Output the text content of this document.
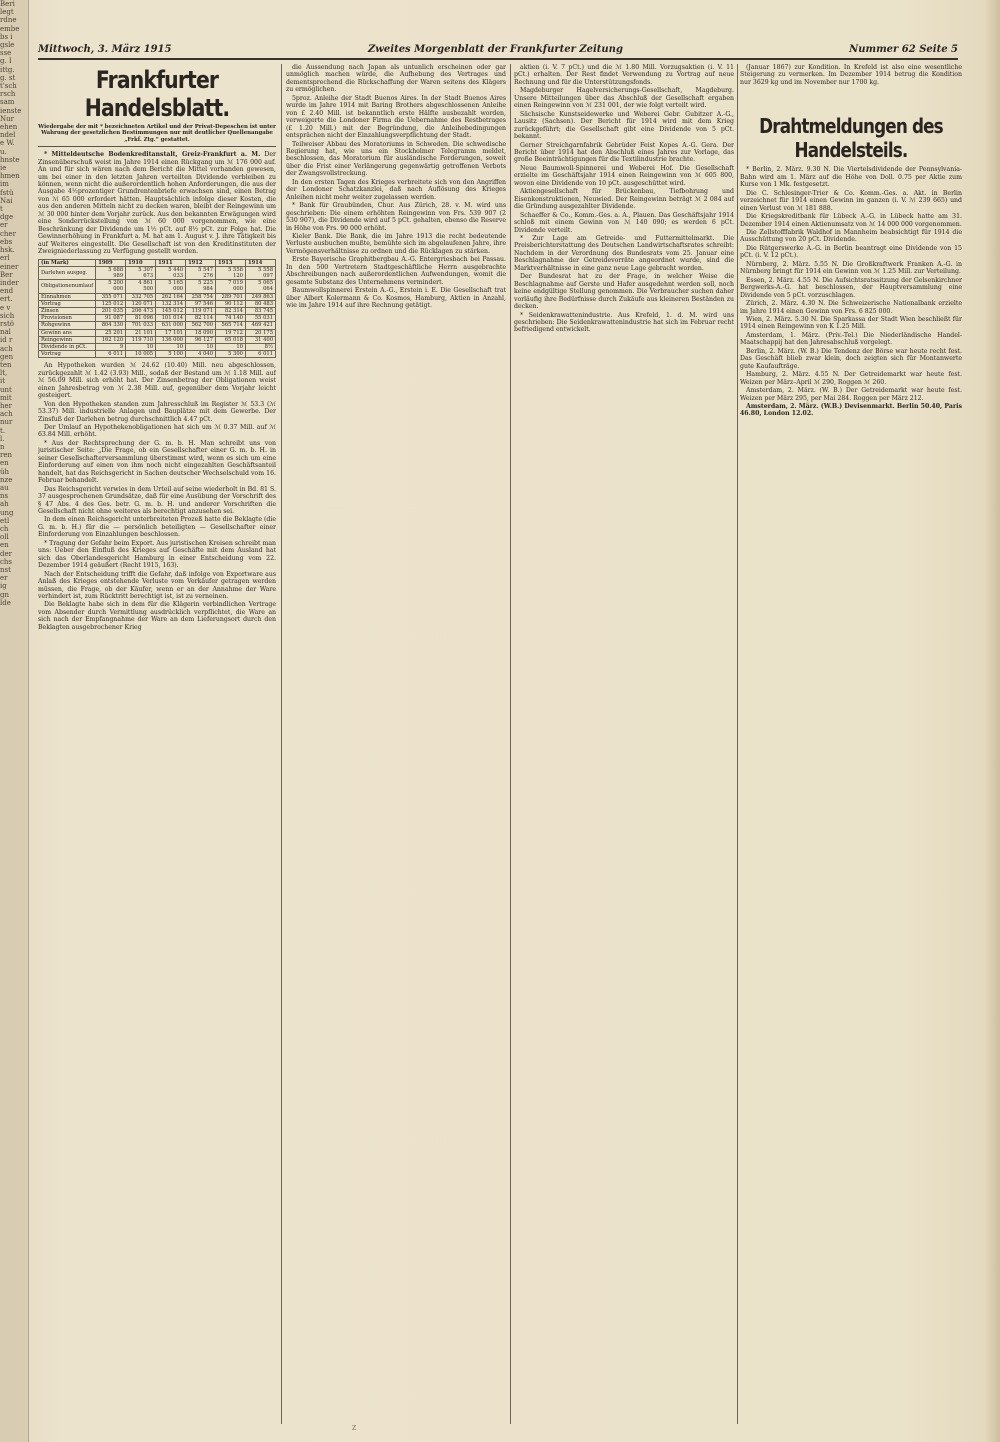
Beri
legt
rdne
embe
bs i
gsle
sse
g. I
ittg.
g. st
t'sch
rsch
sam
ienste
Nur
ehen
ndel
e W.
u.
hnste
ie
hmen
im
fstü
Nai
t
dge
er
cher
ebs
hsk.
erl
einer
Ber
inder
end
ert.
e v
sich
rstö
nal
id r
ach
gen
ten
lt,
it
unt
mit
her
ach
nur
t.
l.
n
ren
en
üh
nze
au
ns
ah
ung
etl
ch
oll
en
der
chs
nst
er
ig
gn
lde
Mittwoch, 3. März 1915	Zweites Morgenblatt der Frankfurter Zeitung	Nummer 62 Seite 5
Frankfurter Handelsblatt.
Wiedergabe der mit * bezeichneten Artikel und der Privat-Depeschen ist unter Wahrung der gesetzlichen Bestimmungen nur mit deutlicher Quellenangabe „Frkf. Ztg.“ gestattet.

* Mitteldeutsche Bodenkreditanstalt, Greiz-Frankfurt a. M. Der Zinsenüberschuß weist im Jahre 1914 einen Rückgang um ℳ 176 000 auf. An und für sich wären nach dem Bericht die Mittel vorhanden gewesen, um bei einer in den letzten Jahren verteilten Dividende verbleiben zu können, wenn nicht die außerordentlich hohen Anforderungen, die aus der Ausgabe 4½prozentiger Grundrentenbriefe erwachsen sind, einen Betrag von ℳ 65 000 erfordert hätten. Hauptsächlich infolge dieser Kosten, die aus den anderen Mitteln nicht zu decken waren, bleibt der Reingewinn um ℳ 30 000 hinter dem Vorjahr zurück. Aus den bekannten Erwägungen wird eine Sonderrückstellung von ℳ 60 000 vorgenommen, wie eine Beschränkung der Dividende um 1½ pCt. auf 8½ pCt. zur Folge hat. Die Gewinnerhöhung in Frankfurt a. M. hat am 1. August v. J. ihre Tätigkeit bis auf Weiteres eingestellt. Die Gesellschaft ist von den Kreditinstituten der Zweigniederlassung zu Verfügung gestellt worden.

(in Mark)	1909	1910	1911	1912	1913	1914
Darlehen ausgeg.	5 688 989	5 307 673	5 440 033	5 547 276	5 558 120	5 558 097
Obligationenumlauf	5 200 000	4 861 500	5 165 000	5 225 984	7 019 000	5 065 064
Einnahmen	355 071	332 705	262 164	258 754	289 701	249 863
Vortrag	125 012	120 071	132 314	97 546	90 112	80 483
Zinsen	201 035	206 473	145 012	119 071	82 314	83 745
Provisionen	91 087	81 096	101 014	82 114	74 140	55 031
Rohgewinn	804 330	701 033	631 000	562 700	565 714	469 421
Gewinn ans	25 201	21 101	17 101	18 090	19 712	20 175
Reingewinn	162 120	119 710	136 000	96 127	65 018	31 400
Dividende in pCt.	9	10	10	10	10	8½
Vortrag	6 011	10 005	5 100	4 040	5 300	6 011

An Hypotheken wurden ℳ 24.62 (10.40) Mill. neu abgeschlossen, zurückgezahlt ℳ 1.42 (3.93) Mill., sodaß der Bestand um ℳ 1.18 Mill. auf ℳ 56.09 Mill. sich erhöht hat. Der Zinsenbetrag der Obligationen weist einen Jahresbetrag von ℳ 2.38 Mill. auf, gegenüber dem Vorjahr leicht gesteigert.

Von den Hypotheken standen zum Jahresschluß im Register ℳ 53.3 (ℳ 53.37) Mill. industrielle Anlagen und Bauplätze mit dem Gewerbe. Der Zinsfuß der Darlehen betrug durchschnittlich 4.47 pCt.

Der Umlauf an Hypothekenobligationen hat sich um ℳ 0.37 Mill. auf ℳ 63.84 Mill. erhöht.

* Aus der Rechtsprechung der G. m. b. H. Man schreibt uns von juristischer Seite: „Die Frage, ob ein Gesellschafter einer G. m. b. H. in seiner Gesellschafterversammlung überstimmt wird, wenn es sich um eine Einforderung auf einen von ihm noch nicht eingezahlten Geschäftsanteil handelt, hat das Reichsgericht in Sachen deutscher Wechselschuld vom 16. Februar behandelt.

Das Reichsgericht verwies in dem Urteil auf seine wiederholt in Bd. 81 S. 37 ausgesprochenen Grundsätze, daß für eine Ausübung der Vorschrift des § 47 Abs. 4 des Ges. betr. G. m. b. H. und anderer Vorschriften die Gesellschaft nicht ohne weiteres als berechtigt anzusehen sei.

In dem einen Reichsgericht unterbreiteten Prozeß hatte die Beklagte (die G. m. b. H.) für die — persönlich beteiligten — Gesellschafter einer Einforderung von Einzahlungen beschlossen.

* Tragung der Gefahr beim Export. Aus juristischen Kreisen schreibt man uns: Ueber den Einfluß des Krieges auf Geschäfte mit dem Ausland hat sich das Oberlandesgericht Hamburg in einer Entscheidung vom 22. Dezember 1914 geäußert (Recht 1915, 163).

Nach der Entscheidung trifft die Gefahr, daß infolge von Exportware aus Anlaß des Krieges entstehende Verluste vom Verkäufer getragen werden müssen, die Frage, ob der Käufer, wenn er an der Annahme der Ware verhindert ist, zum Rücktritt berechtigt ist, ist zu verneinen.

Die Beklagte habe sich in dem für die Klägerin verbindlichen Vertrage vom Absender durch Vermittlung ausdrücklich verpflichtet, die Ware an sich nach der Empfangnahme der Ware an dem Lieferungsort durch den Beklagten ausgebrochener Krieg

die Aussendung nach Japan als untunlich erscheinen oder gar unmöglich machen würde, die Aufhebung des Vertrages und dementsprechend die Rückschaffung der Waren seitens des Klägers zu ermöglichen.

5proz. Anleihe der Stadt Buenos Aires. In der Stadt Buenos Aires wurde im Jahre 1914 mit Baring Brothers abgeschlossenen Anleihe von £ 2.40 Mill. ist bekanntlich erste Hälfte ausbezahlt worden, verweigerte die Londoner Firma die Uebernahme des Restbetrages (£ 1.20 Mill.) mit der Begründung, die Anleihebedingungen entsprächen nicht der Einzahlungsverpflichtung der Stadt.

Teilweiser Abbau des Moratoriums in Schweden. Die schwedische Regierung hat, wie uns ein Stockholmer Telegramm meldet, beschlossen, das Moratorium für ausländische Forderungen, soweit über die Frist einer Verlängerung gegenwärtig getroffenen Verbots der Zwangsvollstreckung.

In den ersten Tagen des Krieges verbreitete sich von den Angriffen der Londoner Schatzkanzlei, daß nach Auflösung des Krieges Anleihen nicht mehr weiter zugelassen werden.

* Bank für Graubünden, Chur. Aus Zürich, 28. v. M. wird uns geschrieben: Die einem erhöhten Reingewinn von Frs. 539 907 (2 530 907), die Dividende wird auf 5 pCt. gehalten, ebenso die Reserve in Höhe von Frs. 90 000 erhöht.

Kieler Bank. Die Bank, die im Jahre 1913 die recht bedeutende Verluste ausbuchen mußte, bemühte sich im abgelaufenen Jahre, ihre Vermögensverhältnisse zu ordnen und die Rücklagen zu stärken.

Erste Bayerische Graphitbergbau A.-G. Entergriesbach bei Passau. In den 500 Vertretern Stadtgeschäftliche Herrn ausgebrachte Abschreibungen nach außerordentlichen Aufwendungen, womit die gesamte Substanz des Unternehmens vermindert.

Baumwollspinnerei Erstein A.-G., Erstein i. E. Die Gesellschaft trat über Albert Kolermann & Co. Kosmos, Hamburg, Aktien in Anzahl, wie im Jahre 1914 auf ihre Rechnung getätigt.

aktien (i. V. 7 pCt.) und die ℳ 1.80 Mill. Vorzugsaktien (i. V. 11 pCt.) erhalten. Der Rest findet Verwendung zu Vortrag auf neue Rechnung und für die Unterstützungsfonds.

Magdeburger Hagelversicherungs-Gesellschaft, Magdeburg. Unsere Mitteilungen über das Abschluß der Gesellschaft ergaben einen Reingewinn von ℳ 231 001, der wie folgt verteilt wird.

Sächsische Kunstseidewerke und Weberei Gebr. Gubitzer A.-G., Lausitz (Sachsen). Der Bericht für 1914 wird mit dem Krieg zurückgeführt; die Gesellschaft gibt eine Dividende von 5 pCt. bekannt.

Gerner Streichgarnfabrik Gebrüder Feist Kopes A.-G. Gera. Der Bericht über 1914 hat den Abschluß eines Jahres zur Vorlage, das große Beeinträchtigungen für die Textilindustrie brachte.

Neue Baumwoll-Spinnerei und Weberei Hof. Die Gesellschaft erzielte im Geschäftsjahr 1914 einen Reingewinn von ℳ 605 800, wovon eine Dividende von 10 pCt. ausgeschüttet wird.

Aktiengesellschaft für Brückenbau, Tiefbohrung und Eisenkonstruktionen, Neuwied. Der Reingewinn beträgt ℳ 2 084 auf die Gründung ausgezahlter Dividende.

Schaeffer & Co., Komm.-Ges. a. A., Plauen. Das Geschäftsjahr 1914 schloß mit einem Gewinn von ℳ 140 090; es werden 6 pCt. Dividende verteilt.

* Zur Lage am Getreide- und Futtermittelmarkt. Die Preisberichterstattung des Deutschen Landwirtschaftsrates schreibt: Nachdem in der Verordnung des Bundesrats vom 25. Januar eine Beschlagnahme der Getreidevorräte angeordnet wurde, sind die Marktverhältnisse in eine ganz neue Lage gebracht worden.

Der Bundesrat hat zu der Frage, in welcher Weise die Beschlagnahme auf Gerste und Hafer ausgedehnt werden soll, noch keine endgültige Stellung genommen. Die Verbraucher suchen daher vorläufig ihre Bedürfnisse durch Zukäufe aus kleineren Beständen zu decken.

* Seidenkrawattenindustrie. Aus Krefeld, 1. d. M. wird uns geschrieben: Die Seidenkrawattenindustrie hat sich im Februar recht befriedigend entwickelt.

(Januar 1867) zur Kondition. In Krefeld ist also eine wesentliche Steigerung zu vermerken. Im Dezember 1914 betrug die Kondition nur 3629 kg und im November nur 1700 kg.

Drahtmeldungen des Handelsteils.

* Berlin, 2. März. 9.30 N. Die Viertelsdividende der Pennsylvania-Bahn wird am 1. März auf die Höhe von Doll. 0.75 per Aktie zum Kurse von 1 Mk. festgesetzt.

Die C. Schlesinger-Trier & Co. Komm.-Ges. a. Akt. in Berlin verzeichnet für 1914 einen Gewinn im ganzen (i. V. ℳ 239 665) und einen Verlust von ℳ 181 888.

Die Kriegskreditbank für Lübeck A.-G. in Lübeck hatte am 31. Dezember 1914 einen Aktienumsatz von ℳ 14 000 000 vorgenommen.

Die Zellstofffabrik Waldhof in Mannheim beabsichtigt für 1914 die Ausschüttung von 20 pCt. Dividende.

Die Rütgerswerke A.-G. in Berlin beantragt eine Dividende von 15 pCt. (i. V. 12 pCt.).

Nürnberg, 2. März. 5.55 N. Die Großkraftwerk Franken A.-G. in Nürnberg bringt für 1914 ein Gewinn von ℳ 1.25 Mill. zur Verteilung.

Essen, 2. März. 4.55 N. Die Aufsichtsratssitzung der Gelsenkirchner Bergwerks-A.-G. hat beschlossen, der Hauptversammlung eine Dividende von 5 pCt. vorzuschlagen.

Zürich, 2. März. 4.30 N. Die Schweizerische Nationalbank erzielte im Jahre 1914 einen Gewinn von Frs. 6 825 000.

Wien, 2. März. 5.30 N. Die Sparkassa der Stadt Wien beschließt für 1914 einen Reingewinn von K 1.25 Mill.

Amsterdam, 1. März. (Priv.-Tel.) Die Niederländische Handel-Maatschappij hat den Jahresabschluß vorgelegt.

Berlin, 2. März. (W. B.) Die Tendenz der Börse war heute recht fest. Das Geschäft blieb zwar klein, doch zeigten sich für Montanwerte gute Kaufaufträge.

Hamburg, 2. März. 4.55 N. Der Getreidemarkt war heute fest. Weizen per März–April ℳ 290, Roggen ℳ 260.

Amsterdam, 2. März. (W. B.) Der Getreidemarkt war heute fest. Weizen per März 295, per Mai 284. Roggen per März 212.

Amsterdam, 2. März. (W.B.) Devisenmarkt. Berlin 50.40, Paris 46.80, London 12.02.

Z
